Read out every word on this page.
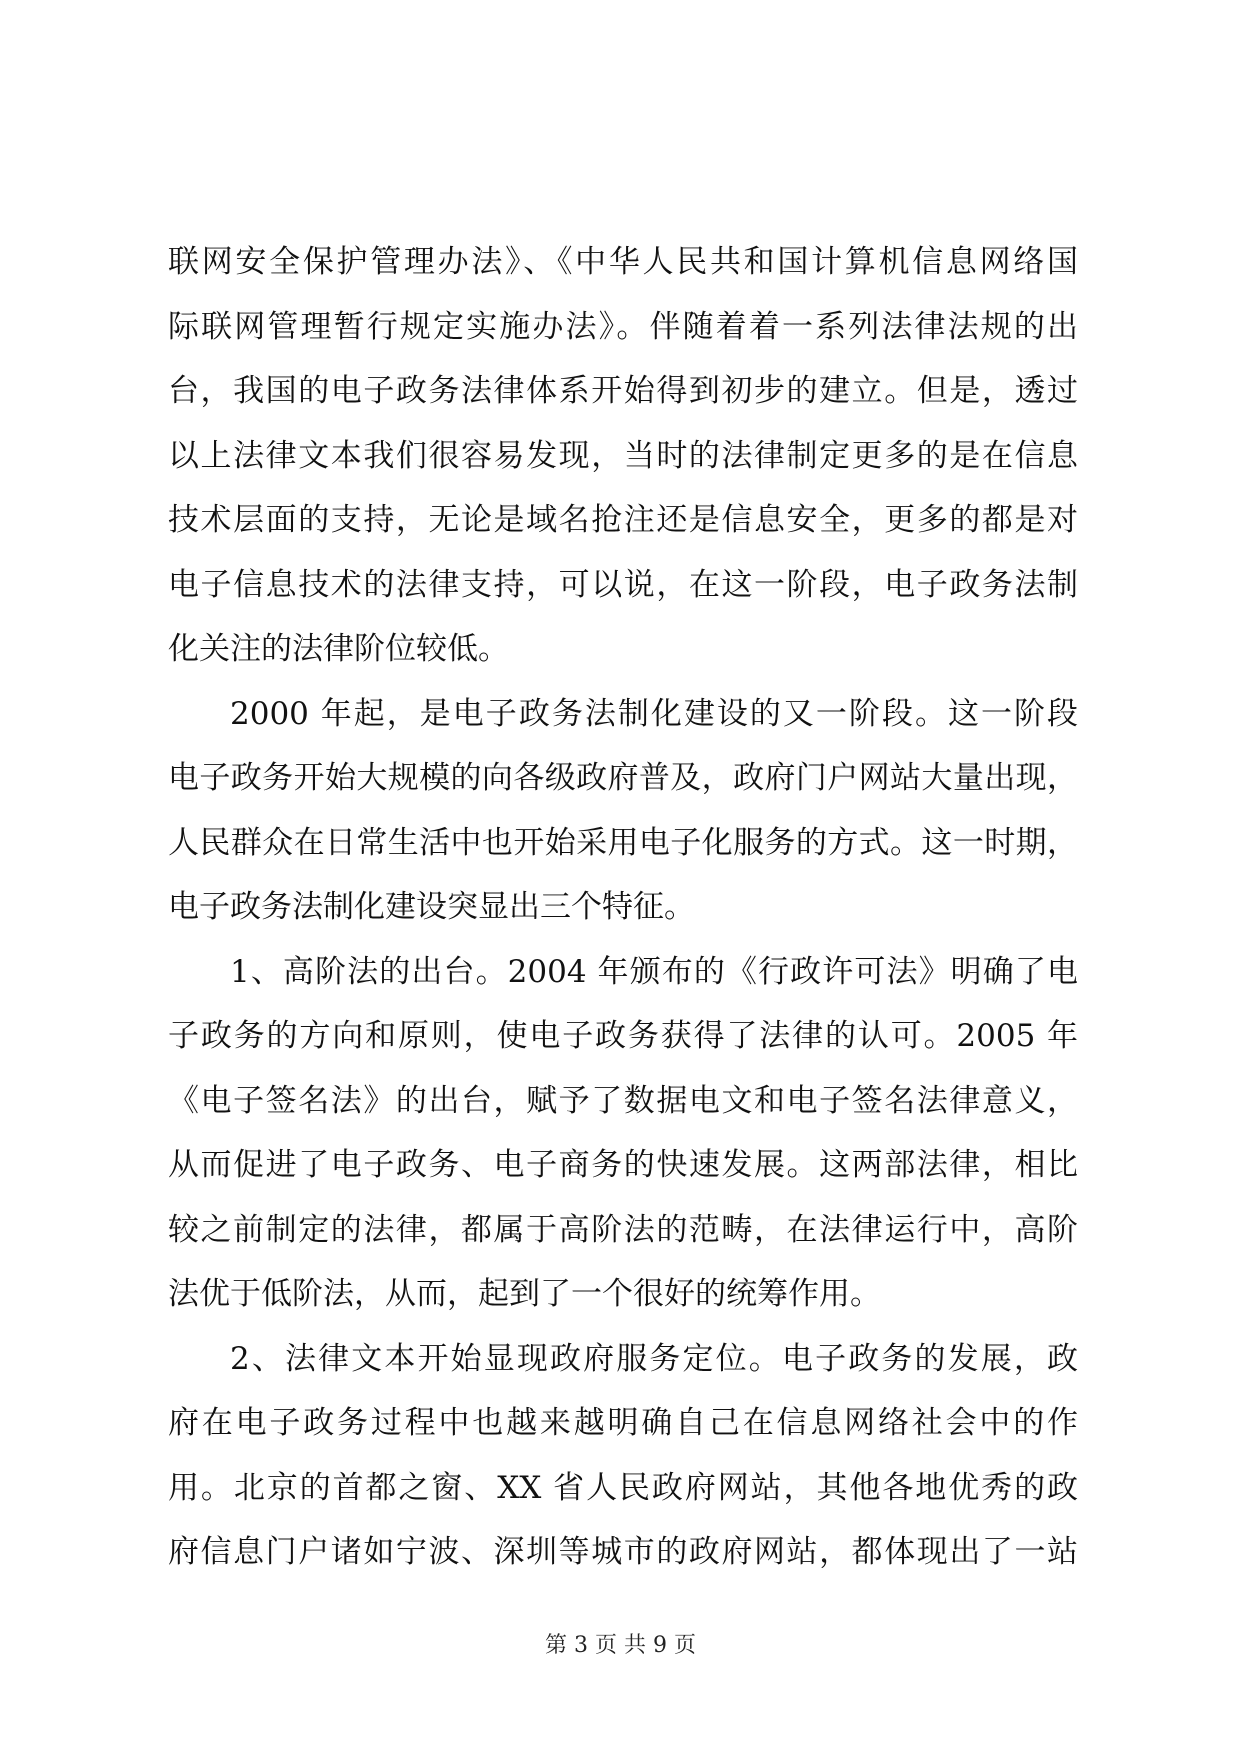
联网安全保护管理办法》、《中华人民共和国计算机信息网络国
际联网管理暂行规定实施办法》。伴随着着一系列法律法规的出
台，我国的电子政务法律体系开始得到初步的建立。但是，透过
以上法律文本我们很容易发现，当时的法律制定更多的是在信息
技术层面的支持，无论是域名抢注还是信息安全，更多的都是对
电子信息技术的法律支持，可以说，在这一阶段，电子政务法制
化关注的法律阶位较低。
2000 年起，是电子政务法制化建设的又一阶段。这一阶段
电子政务开始大规模的向各级政府普及，政府门户网站大量出现，
人民群众在日常生活中也开始采用电子化服务的方式。这一时期，
电子政务法制化建设突显出三个特征。
1、高阶法的出台。2004 年颁布的《行政许可法》明确了电
子政务的方向和原则，使电子政务获得了法律的认可。2005 年
《电子签名法》的出台，赋予了数据电文和电子签名法律意义，
从而促进了电子政务、电子商务的快速发展。这两部法律，相比
较之前制定的法律，都属于高阶法的范畴，在法律运行中，高阶
法优于低阶法，从而，起到了一个很好的统筹作用。
2、法律文本开始显现政府服务定位。电子政务的发展，政
府在电子政务过程中也越来越明确自己在信息网络社会中的作
用。北京的首都之窗、XX 省人民政府网站，其他各地优秀的政
府信息门户诸如宁波、深圳等城市的政府网站，都体现出了一站
第 3 页 共 9 页
